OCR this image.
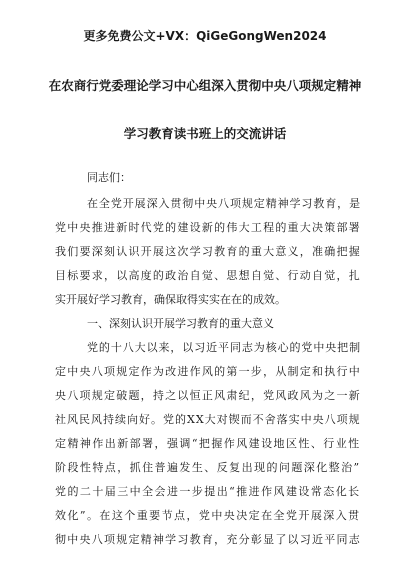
更多免费公文+VX：QiGeGongWen2024
在农商行党委理论学习中心组深入贯彻中央八项规定精神
学习教育读书班上的交流讲话
同志们：
在全党开展深入贯彻中央八项规定精神学习教育，是
党中央推进新时代党的建设新的伟大工程的重大决策部署
我们要深刻认识开展这次学习教育的重大意义，准确把握
目标要求，以高度的政治自觉、思想自觉、行动自觉，扎
实开展好学习教育，确保取得实实在在的成效。
一、深刻认识开展学习教育的重大意义
党的十八大以来，以习近平同志为核心的党中央把制
定中央八项规定作为改进作风的第一步，从制定和执行中
央八项规定破题，持之以恒正风肃纪，党风政风为之一新
社风民风持续向好。党的XX大对锲而不舍落实中央八项规
定精神作出新部署，强调“把握作风建设地区性、行业性
阶段性特点，抓住普遍发生、反复出现的问题深化整治”
党的二十届三中全会进一步提出“推进作风建设常态化长
效化”。在这个重要节点，党中央决定在全党开展深入贯
彻中央八项规定精神学习教育，充分彰显了以习近平同志
